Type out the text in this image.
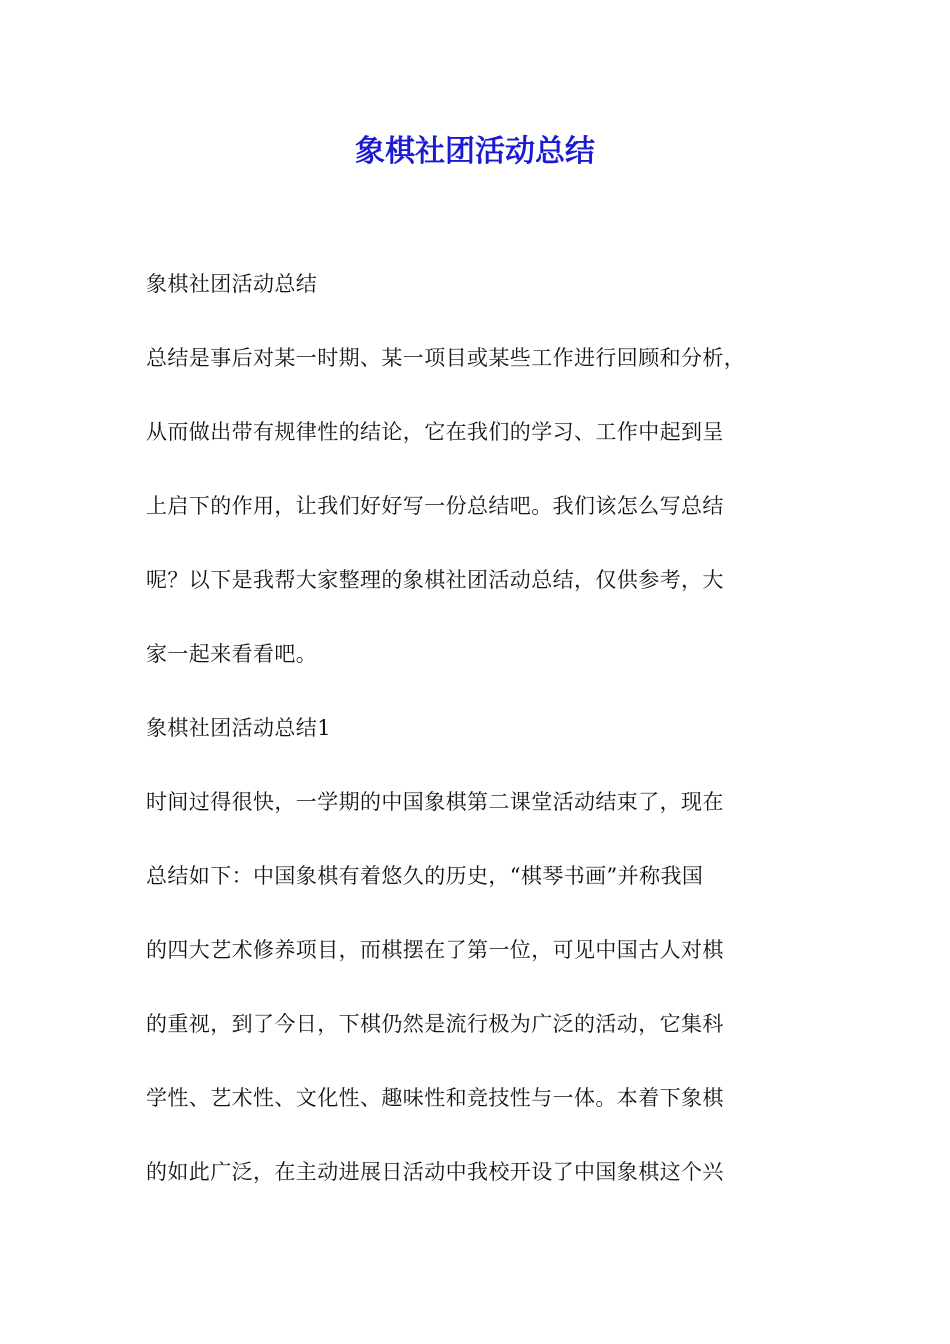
象棋社团活动总结
象棋社团活动总结
总结是事后对某一时期、某一项目或某些工作进行回顾和分析，
从而做出带有规律性的结论，它在我们的学习、工作中起到呈
上启下的作用，让我们好好写一份总结吧。我们该怎么写总结
呢？以下是我帮大家整理的象棋社团活动总结，仅供参考，大
家一起来看看吧。
象棋社团活动总结1
时间过得很快，一学期的中国象棋第二课堂活动结束了，现在
总结如下：中国象棋有着悠久的历史，“棋琴书画”并称我国
的四大艺术修养项目，而棋摆在了第一位，可见中国古人对棋
的重视，到了今日，下棋仍然是流行极为广泛的活动，它集科
学性、艺术性、文化性、趣味性和竞技性与一体。本着下象棋
的如此广泛，在主动进展日活动中我校开设了中国象棋这个兴
